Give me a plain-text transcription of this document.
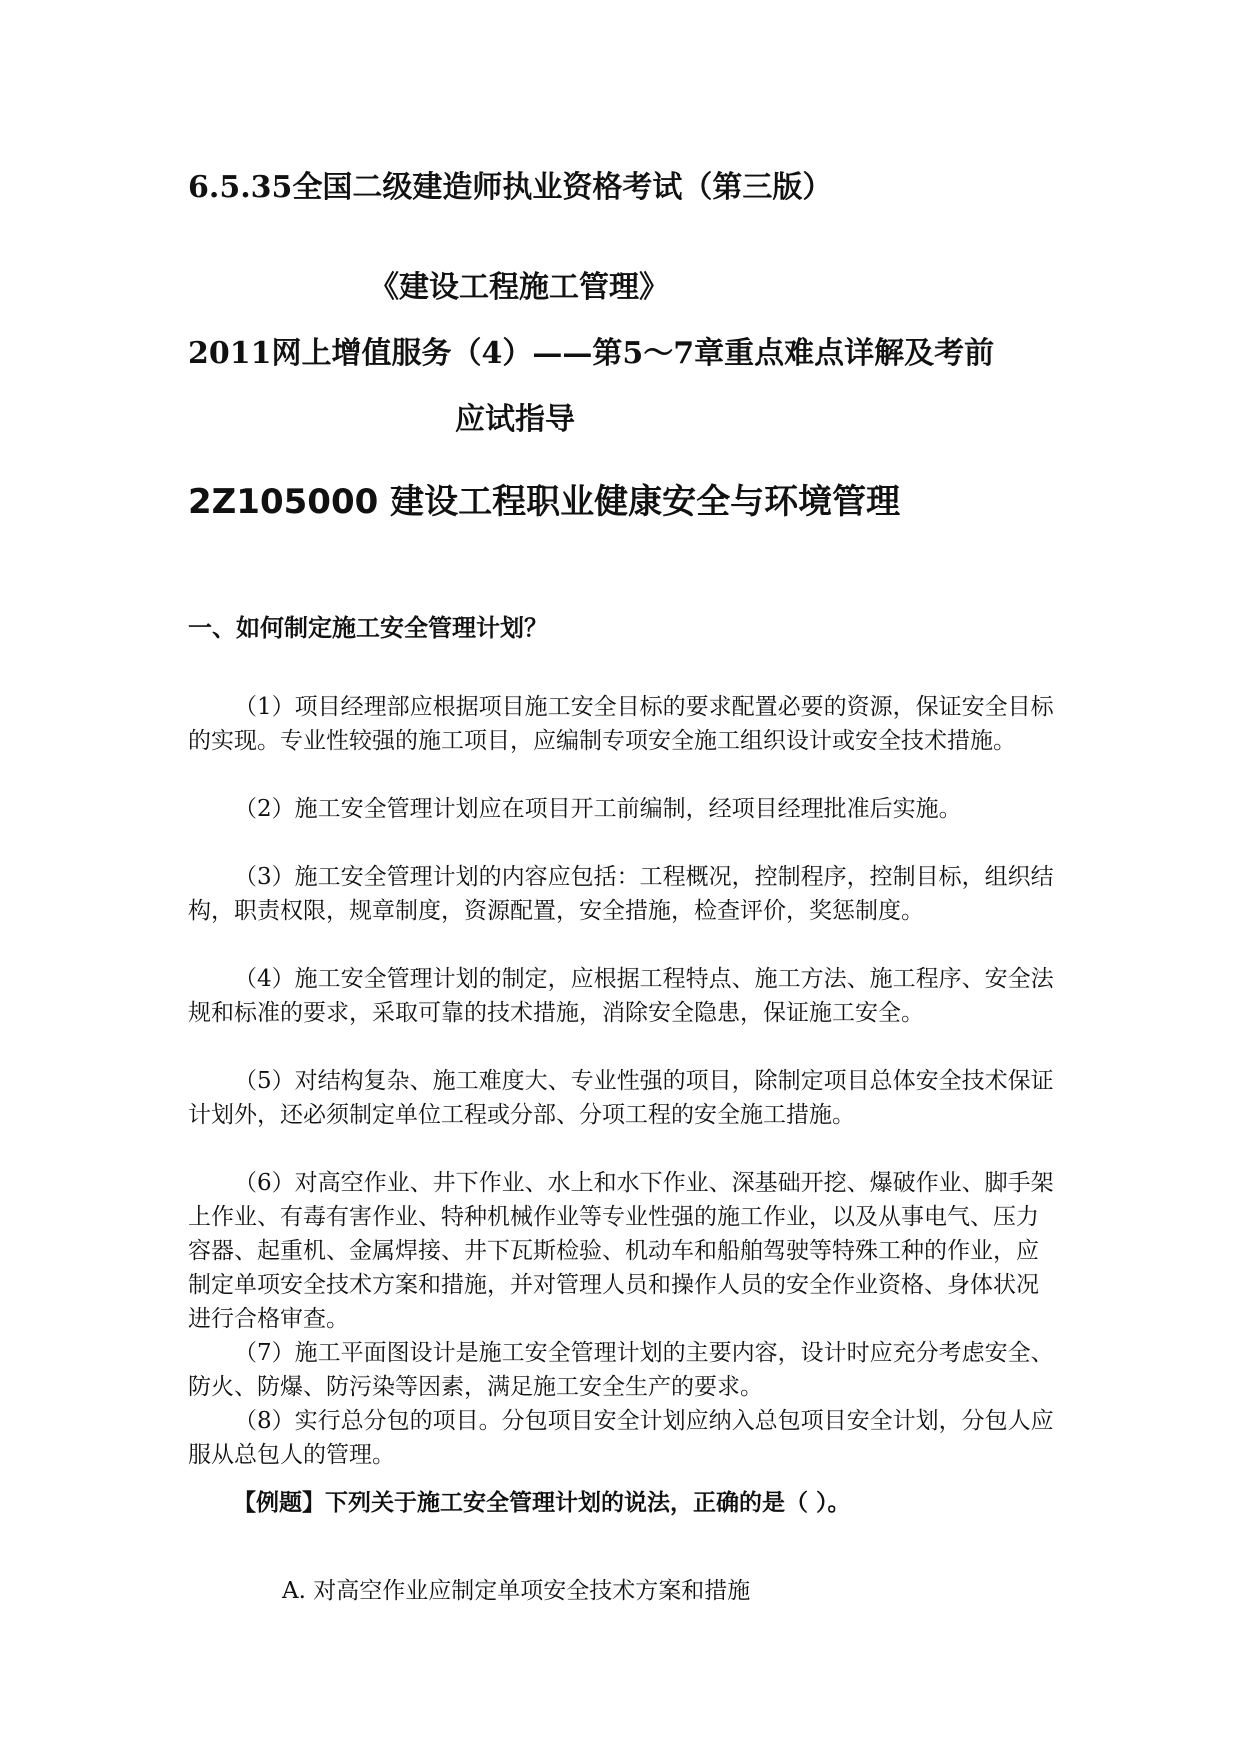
6.5.35全国二级建造师执业资格考试（第三版）
《建设工程施工管理》
2011网上增值服务（4）——第5～7章重点难点详解及考前
应试指导
2Z105000 建设工程职业健康安全与环境管理
一、如何制定施工安全管理计划？
（1）项目经理部应根据项目施工安全目标的要求配置必要的资源，保证安全目标的实现。专业性较强的施工项目，应编制专项安全施工组织设计或安全技术措施。
（2）施工安全管理计划应在项目开工前编制，经项目经理批准后实施。
（3）施工安全管理计划的内容应包括：工程概况，控制程序，控制目标，组织结构，职责权限，规章制度，资源配置，安全措施，检查评价，奖惩制度。
（4）施工安全管理计划的制定，应根据工程特点、施工方法、施工程序、安全法规和标准的要求，采取可靠的技术措施，消除安全隐患，保证施工安全。
（5）对结构复杂、施工难度大、专业性强的项目，除制定项目总体安全技术保证计划外，还必须制定单位工程或分部、分项工程的安全施工措施。
（6）对高空作业、井下作业、水上和水下作业、深基础开挖、爆破作业、脚手架上作业、有毒有害作业、特种机械作业等专业性强的施工作业，以及从事电气、压力容器、起重机、金属焊接、井下瓦斯检验、机动车和船舶驾驶等特殊工种的作业，应制定单项安全技术方案和措施，并对管理人员和操作人员的安全作业资格、身体状况进行合格审查。
（7）施工平面图设计是施工安全管理计划的主要内容，设计时应充分考虑安全、防火、防爆、防污染等因素，满足施工安全生产的要求。
（8）实行总分包的项目。分包项目安全计划应纳入总包项目安全计划，分包人应服从总包人的管理。
【例题】下列关于施工安全管理计划的说法，正确的是（ ）。
A. 对高空作业应制定单项安全技术方案和措施
